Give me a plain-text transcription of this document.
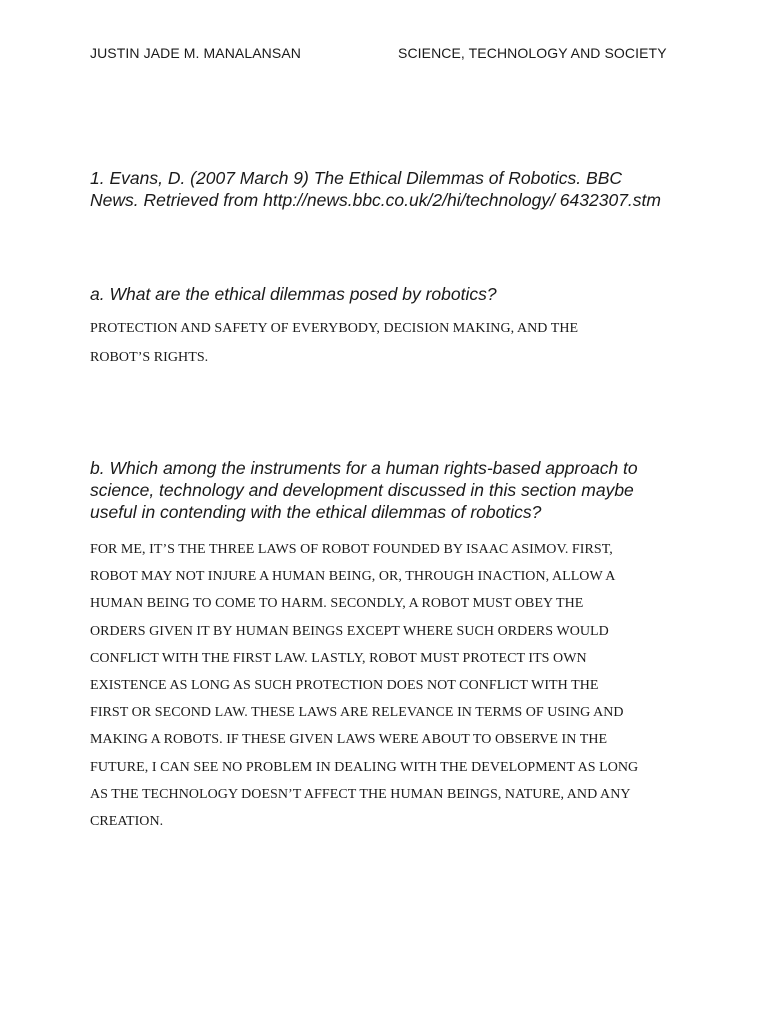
JUSTIN JADE M. MANALANSAN	SCIENCE, TECHNOLOGY AND SOCIETY
1. Evans, D. (2007 March 9) The Ethical Dilemmas of Robotics. BBC News. Retrieved from http://news.bbc.co.uk/2/hi/technology/ 6432307.stm
a. What are the ethical dilemmas posed by robotics?
PROTECTION AND SAFETY OF EVERYBODY, DECISION MAKING, AND THE
ROBOT’S RIGHTS.
b. Which among the instruments for a human rights-based approach to science, technology and development discussed in this section maybe useful in contending with the ethical dilemmas of robotics?
FOR ME, IT’S THE THREE LAWS OF ROBOT FOUNDED BY ISAAC ASIMOV. FIRST,
ROBOT MAY NOT INJURE A HUMAN BEING, OR, THROUGH INACTION, ALLOW A
HUMAN BEING TO COME TO HARM. SECONDLY, A ROBOT MUST OBEY THE
ORDERS GIVEN IT BY HUMAN BEINGS EXCEPT WHERE SUCH ORDERS WOULD
CONFLICT WITH THE FIRST LAW. LASTLY, ROBOT MUST PROTECT ITS OWN
EXISTENCE AS LONG AS SUCH PROTECTION DOES NOT CONFLICT WITH THE
FIRST OR SECOND LAW. THESE LAWS ARE RELEVANCE IN TERMS OF USING AND
MAKING A ROBOTS. IF THESE GIVEN LAWS WERE ABOUT TO OBSERVE IN THE
FUTURE, I CAN SEE NO PROBLEM IN DEALING WITH THE DEVELOPMENT AS LONG
AS THE TECHNOLOGY DOESN’T AFFECT THE HUMAN BEINGS, NATURE, AND ANY
CREATION.
